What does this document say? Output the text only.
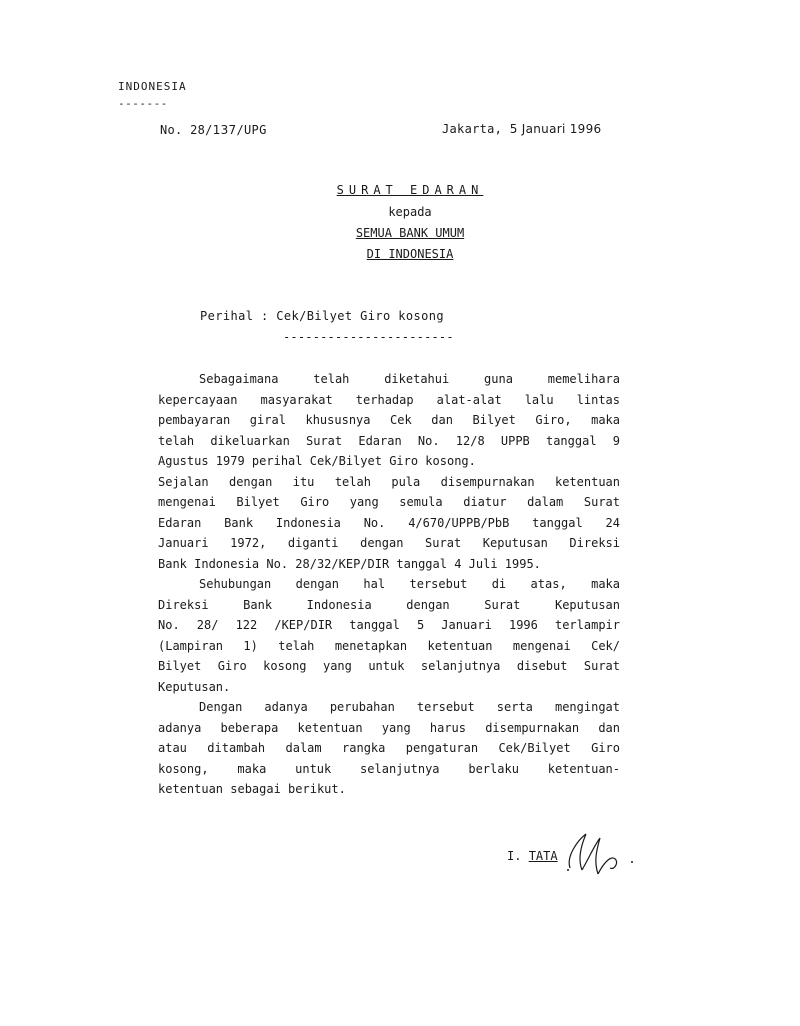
INDONESIA
-------
No. 28/137/UPG	Jakarta, 5 Januari 1996
SURAT EDARAN
kepada
SEMUA BANK UMUM
DI INDONESIA
Perihal : Cek/Bilyet Giro kosong
-----------------------
Sebagaimana telah diketahui guna memelihara
kepercayaan masyarakat terhadap alat-alat lalu lintas
pembayaran giral khususnya Cek dan Bilyet Giro, maka
telah dikeluarkan Surat Edaran No. 12/8 UPPB tanggal 9
Agustus 1979 perihal Cek/Bilyet Giro kosong.
Sejalan dengan itu telah pula disempurnakan ketentuan
mengenai Bilyet Giro yang semula diatur dalam Surat
Edaran Bank Indonesia No. 4/670/UPPB/PbB tanggal 24
Januari 1972, diganti dengan Surat Keputusan Direksi
Bank Indonesia No. 28/32/KEP/DIR tanggal 4 Juli 1995.
Sehubungan dengan hal tersebut di atas, maka
Direksi Bank Indonesia dengan Surat Keputusan
No. 28/ 122 /KEP/DIR tanggal 5 Januari 1996 terlampir
(Lampiran 1) telah menetapkan ketentuan mengenai Cek/
Bilyet Giro kosong yang untuk selanjutnya disebut Surat
Keputusan.
Dengan adanya perubahan tersebut serta mengingat
adanya beberapa ketentuan yang harus disempurnakan dan
atau ditambah dalam rangka pengaturan Cek/Bilyet Giro
kosong, maka untuk selanjutnya berlaku ketentuan-
ketentuan sebagai berikut.
I. TATA
